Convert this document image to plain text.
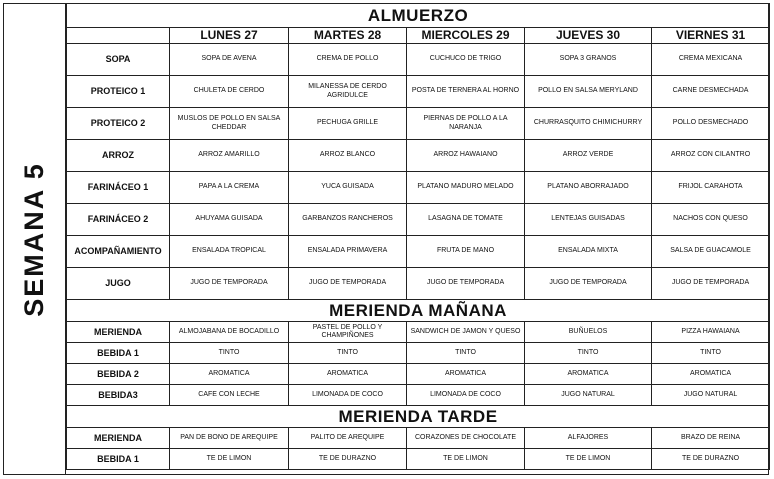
SEMANA 5
ALMUERZO					
	LUNES 27	MARTES 28	MIERCOLES 29	JUEVES 30	VIERNES 31
SOPA	SOPA DE AVENA	CREMA DE POLLO	CUCHUCO DE TRIGO	SOPA 3 GRANOS	CREMA MEXICANA
PROTEICO 1	CHULETA DE CERDO	MILANESSA DE CERDO AGRIDULCE	POSTA DE TERNERA AL HORNO	POLLO EN SALSA MERYLAND	CARNE DESMECHADA
PROTEICO 2	MUSLOS DE POLLO EN SALSA CHEDDAR	PECHUGA GRILLE	PIERNAS DE POLLO A LA NARANJA	CHURRASQUITO CHIMICHURRY	POLLO DESMECHADO
ARROZ	ARROZ AMARILLO	ARROZ BLANCO	ARROZ HAWAIANO	ARROZ VERDE	ARROZ CON CILANTRO
FARINÁCEO 1	PAPA A LA CREMA	YUCA GUISADA	PLATANO MADURO MELADO	PLATANO ABORRAJADO	FRIJOL CARAHOTA
FARINÁCEO 2	AHUYAMA GUISADA	GARBANZOS RANCHEROS	LASAGNA DE TOMATE	LENTEJAS GUISADAS	NACHOS CON QUESO
ACOMPAÑAMIENTO	ENSALADA TROPICAL	ENSALADA PRIMAVERA	FRUTA DE MANO	ENSALADA MIXTA	SALSA DE GUACAMOLE
JUGO	JUGO DE TEMPORADA	JUGO DE TEMPORADA	JUGO DE TEMPORADA	JUGO DE TEMPORADA	JUGO DE TEMPORADA
MERIENDA MAÑANA					
MERIENDA	ALMOJABANA DE BOCADILLO	PASTEL DE POLLO Y CHAMPIÑONES	SANDWICH DE JAMON Y QUESO	BUÑUELOS	PIZZA HAWAIANA
BEBIDA 1	TINTO	TINTO	TINTO	TINTO	TINTO
BEBIDA 2	AROMATICA	AROMATICA	AROMATICA	AROMATICA	AROMATICA
BEBIDA3	CAFE CON LECHE	LIMONADA DE COCO	LIMONADA DE COCO	JUGO NATURAL	JUGO NATURAL
MERIENDA TARDE					
MERIENDA	PAN DE BONO DE AREQUIPE	PALITO DE AREQUIPE	CORAZONES DE CHOCOLATE	ALFAJORES	BRAZO DE REINA
BEBIDA 1	TE DE LIMON	TE DE DURAZNO	TE DE LIMON	TE DE LIMON	TE DE DURAZNO
